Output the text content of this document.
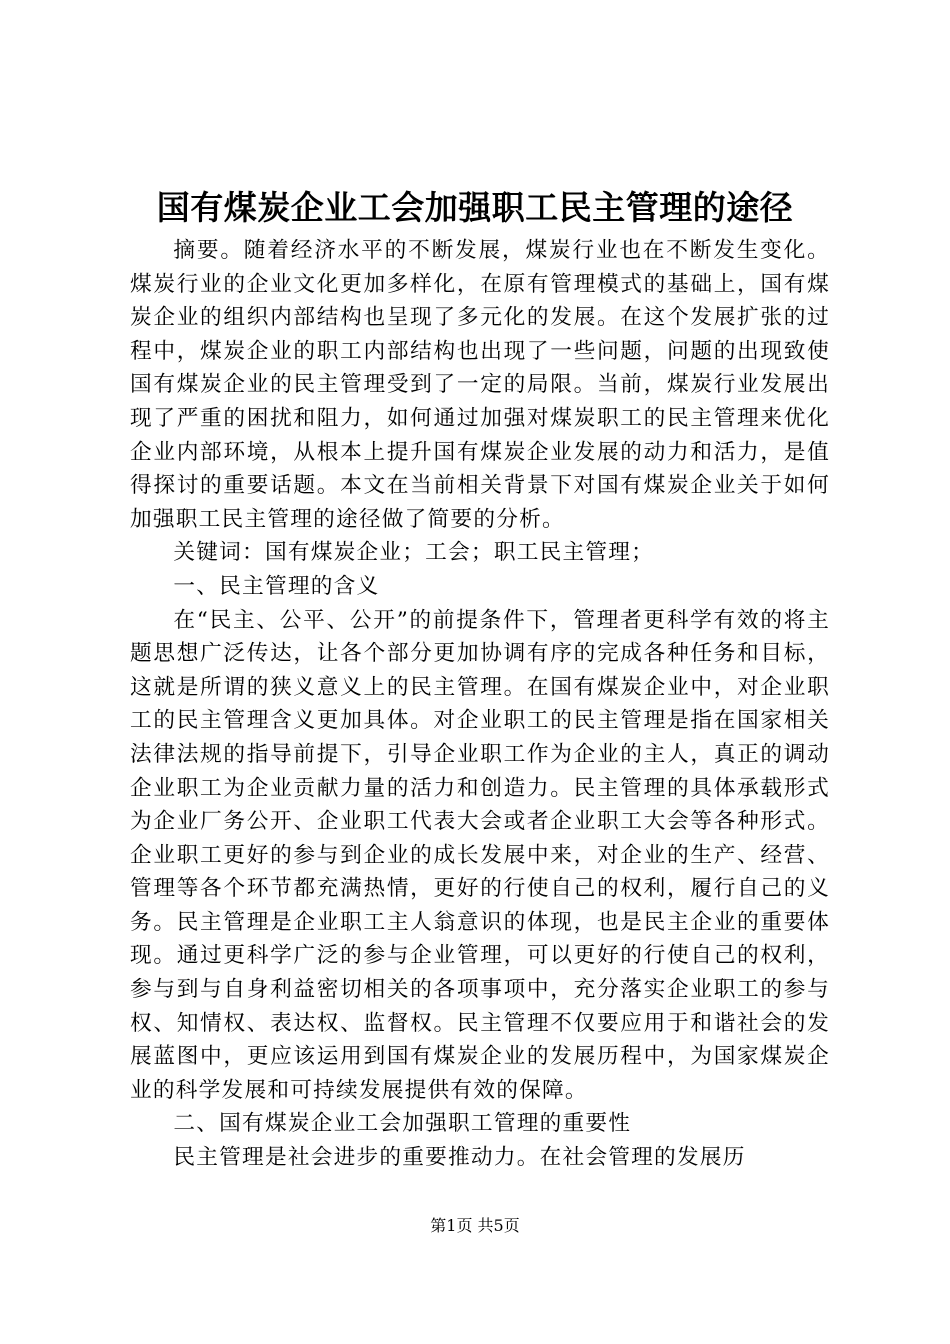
国有煤炭企业工会加强职工民主管理的途径

摘要。随着经济水平的不断发展，煤炭行业也在不断发生变化。煤炭行业的企业文化更加多样化，在原有管理模式的基础上，国有煤炭企业的组织内部结构也呈现了多元化的发展。在这个发展扩张的过程中，煤炭企业的职工内部结构也出现了一些问题，问题的出现致使国有煤炭企业的民主管理受到了一定的局限。当前，煤炭行业发展出现了严重的困扰和阻力，如何通过加强对煤炭职工的民主管理来优化企业内部环境，从根本上提升国有煤炭企业发展的动力和活力，是值得探讨的重要话题。本文在当前相关背景下对国有煤炭企业关于如何加强职工民主管理的途径做了简要的分析。

关键词：国有煤炭企业；工会；职工民主管理；

一、民主管理的含义

在“民主、公平、公开”的前提条件下，管理者更科学有效的将主题思想广泛传达，让各个部分更加协调有序的完成各种任务和目标，这就是所谓的狭义意义上的民主管理。在国有煤炭企业中，对企业职工的民主管理含义更加具体。对企业职工的民主管理是指在国家相关法律法规的指导前提下，引导企业职工作为企业的主人，真正的调动企业职工为企业贡献力量的活力和创造力。民主管理的具体承载形式为企业厂务公开、企业职工代表大会或者企业职工大会等各种形式。企业职工更好的参与到企业的成长发展中来，对企业的生产、经营、管理等各个环节都充满热情，更好的行使自己的权利，履行自己的义务。民主管理是企业职工主人翁意识的体现，也是民主企业的重要体现。通过更科学广泛的参与企业管理，可以更好的行使自己的权利，参与到与自身利益密切相关的各项事项中，充分落实企业职工的参与权、知情权、表达权、监督权。民主管理不仅要应用于和谐社会的发展蓝图中，更应该运用到国有煤炭企业的发展历程中，为国家煤炭企业的科学发展和可持续发展提供有效的保障。

二、国有煤炭企业工会加强职工管理的重要性

民主管理是社会进步的重要推动力。在社会管理的发展历

第1页 共5页
